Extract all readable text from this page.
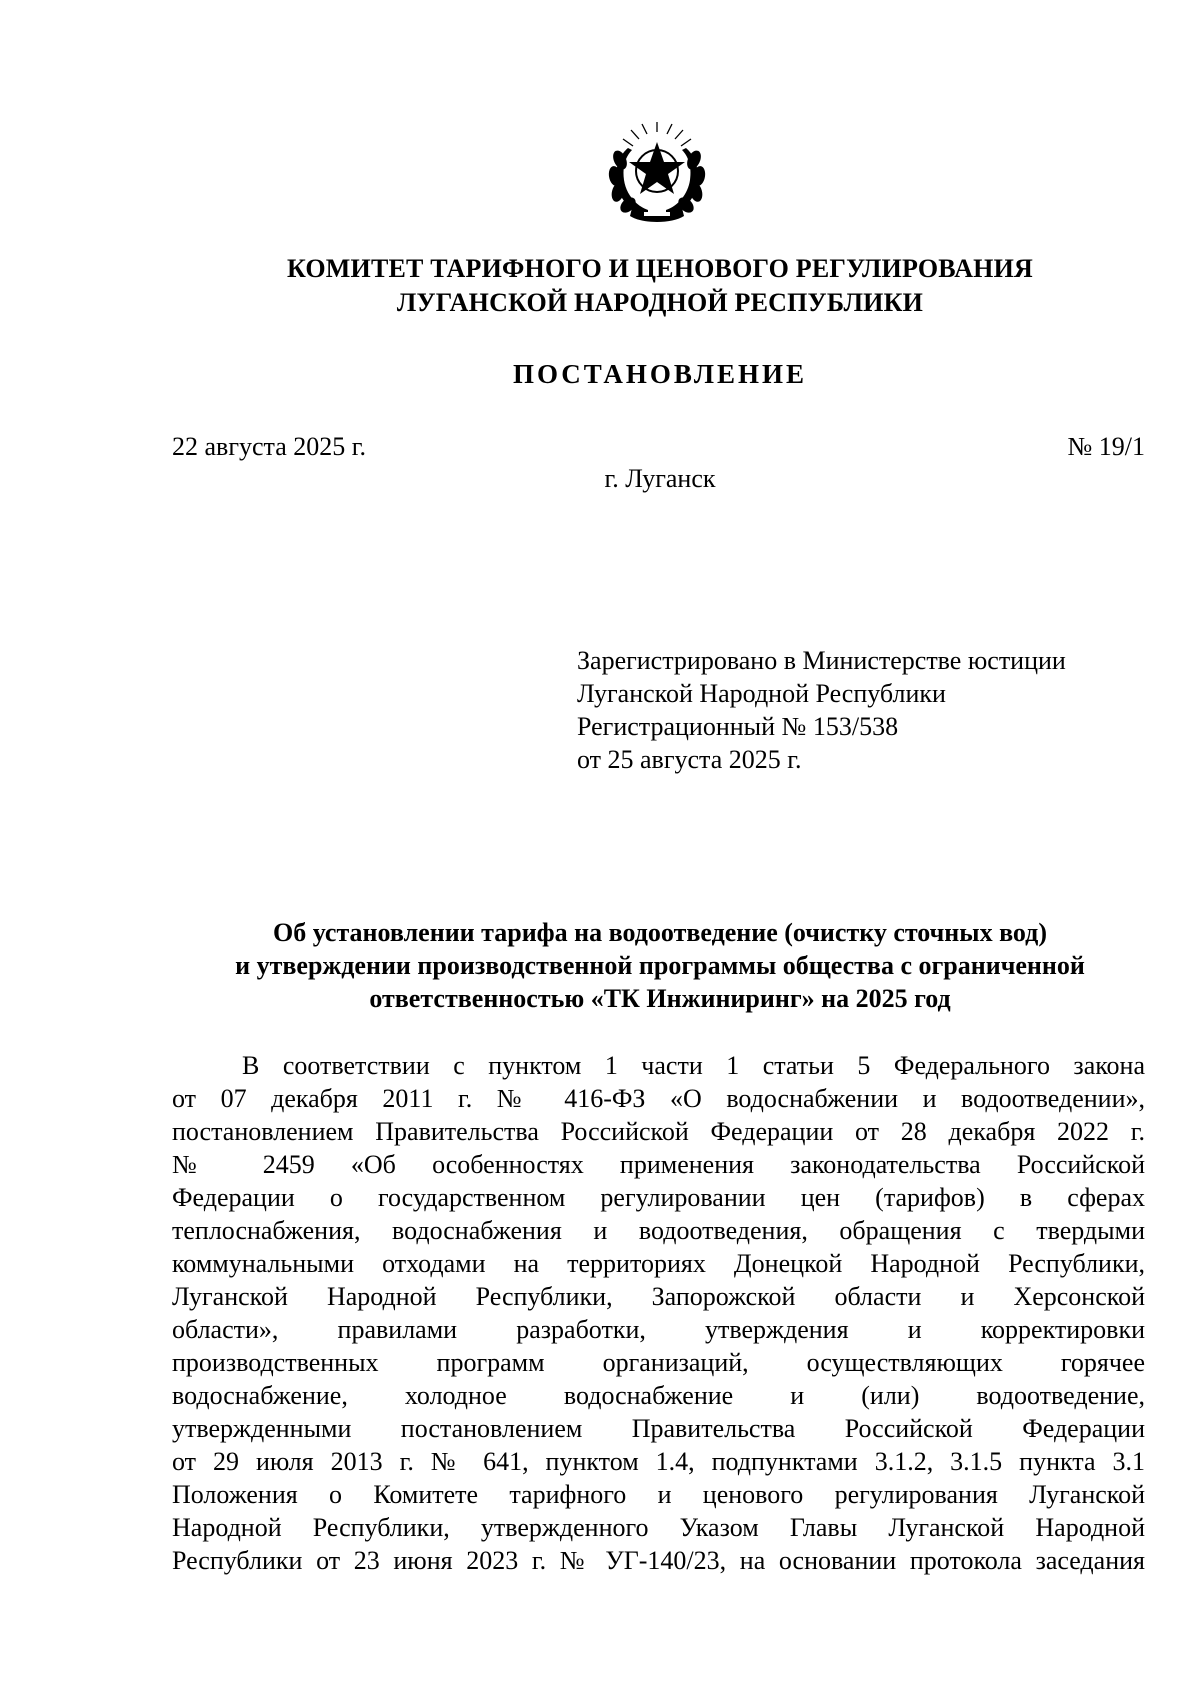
КОМИТЕТ ТАРИФНОГО И ЦЕНОВОГО РЕГУЛИРОВАНИЯ
ЛУГАНСКОЙ НАРОДНОЙ РЕСПУБЛИКИ
ПОСТАНОВЛЕНИЕ
22 августа 2025 г.	№ 19/1
г. Луганск
Зарегистрировано в Министерстве юстиции
Луганской Народной Республики
Регистрационный № 153/538
от 25 августа 2025 г.
Об установлении тарифа на водоотведение (очистку сточных вод)
и утверждении производственной программы общества с ограниченной
ответственностью «ТК Инжиниринг» на 2025 год
В соответствии с пунктом 1 части 1 статьи 5 Федерального закона
от 07 декабря 2011 г. № 416-ФЗ «О водоснабжении и водоотведении»,
постановлением Правительства Российской Федерации от 28 декабря 2022 г.
№ 2459 «Об особенностях применения законодательства Российской
Федерации о государственном регулировании цен (тарифов) в сферах
теплоснабжения, водоснабжения и водоотведения, обращения с твердыми
коммунальными отходами на территориях Донецкой Народной Республики,
Луганской Народной Республики, Запорожской области и Херсонской
области», правилами разработки, утверждения и корректировки
производственных программ организаций, осуществляющих горячее
водоснабжение, холодное водоснабжение и (или) водоотведение,
утвержденными постановлением Правительства Российской Федерации
от 29 июля 2013 г. № 641, пунктом 1.4, подпунктами 3.1.2, 3.1.5 пункта 3.1
Положения о Комитете тарифного и ценового регулирования Луганской
Народной Республики, утвержденного Указом Главы Луганской Народной
Республики от 23 июня 2023 г. № УГ-140/23, на основании протокола заседания
